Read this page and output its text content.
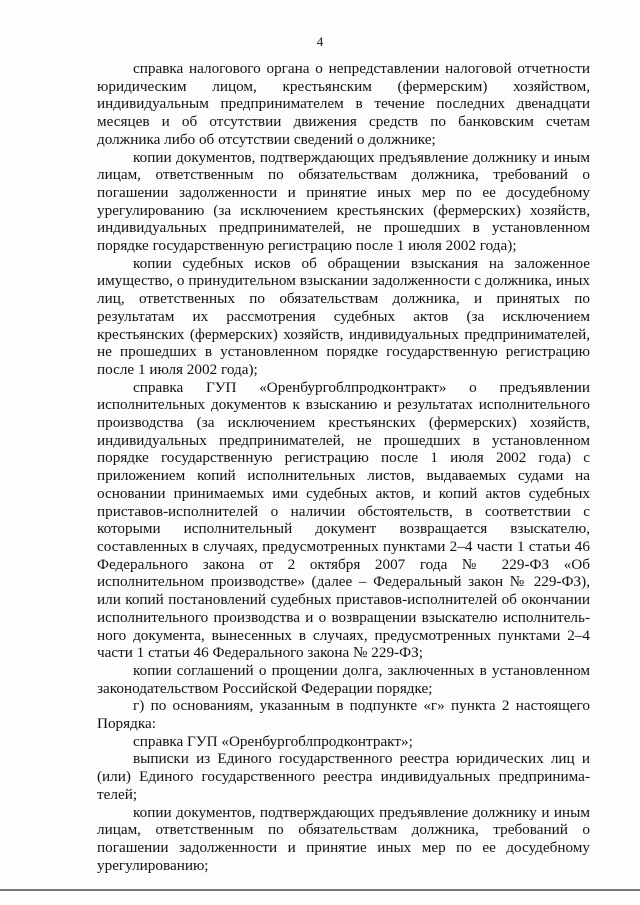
4

справка налогового органа о непредставлении налоговой отчетности юридическим лицом, крестьянским (фермерским) хозяйством, индивидуальным предпринимателем в течение последних двенадцати месяцев и об отсутствии движения средств по банковским счетам должника либо об отсутствии сведений о должнике;

копии документов, подтверждающих предъявление должнику и иным лицам, ответственным по обязательствам должника, требований о погашении задолженности и принятие иных мер по ее досудебному урегулированию (за исключением крестьянских (фермерских) хозяйств, индивидуальных предпринимателей, не прошедших в установленном порядке государственную регистрацию после 1 июля 2002 года);

копии судебных исков об обращении взыскания на заложенное имущество, о принудительном взыскании задолженности с должника, иных лиц, ответственных по обязательствам должника, и принятых по результатам их рассмотрения судебных актов (за исключением крестьянских (фермерских) хозяйств, индивидуальных предпринимателей, не прошедших в установленном порядке государственную регистрацию после 1 июля 2002 года);

справка ГУП «Оренбургоблпродконтракт» о предъявлении исполнительных документов к взысканию и результатах исполнительного производства (за исключением крестьянских (фермерских) хозяйств, индивидуальных предпринимателей, не прошедших в установленном порядке государственную регистрацию после 1 июля 2002 года) с приложением копий исполнительных листов, выдаваемых судами на основании принимаемых ими судебных актов, и копий актов судебных приставов-исполнителей о наличии обстоятельств, в соответствии с которыми исполнительный документ возвращается взыскателю, составленных в случаях, предусмотренных пунктами 2–4 части 1 статьи 46 Федерального закона от 2 октября 2007 года № 229-ФЗ «Об исполнительном производстве» (далее – Федеральный закон № 229-ФЗ), или копий постановлений судебных приставов-исполнителей об окончании исполнительного производства и о возвращении взыскателю исполнительного документа, вынесенных в случаях, предусмотренных пунктами 2–4 части 1 статьи 46 Федерального закона № 229-ФЗ;

копии соглашений о прощении долга, заключенных в установленном законодательством Российской Федерации порядке;

г) по основаниям, указанным в подпункте «г» пункта 2 настоящего Порядка:

справка ГУП «Оренбургоблпродконтракт»;

выписки из Единого государственного реестра юридических лиц и (или) Единого государственного реестра индивидуальных предпринимателей;

копии документов, подтверждающих предъявление должнику и иным лицам, ответственным по обязательствам должника, требований о погашении задолженности и принятие иных мер по ее досудебному урегулированию;
